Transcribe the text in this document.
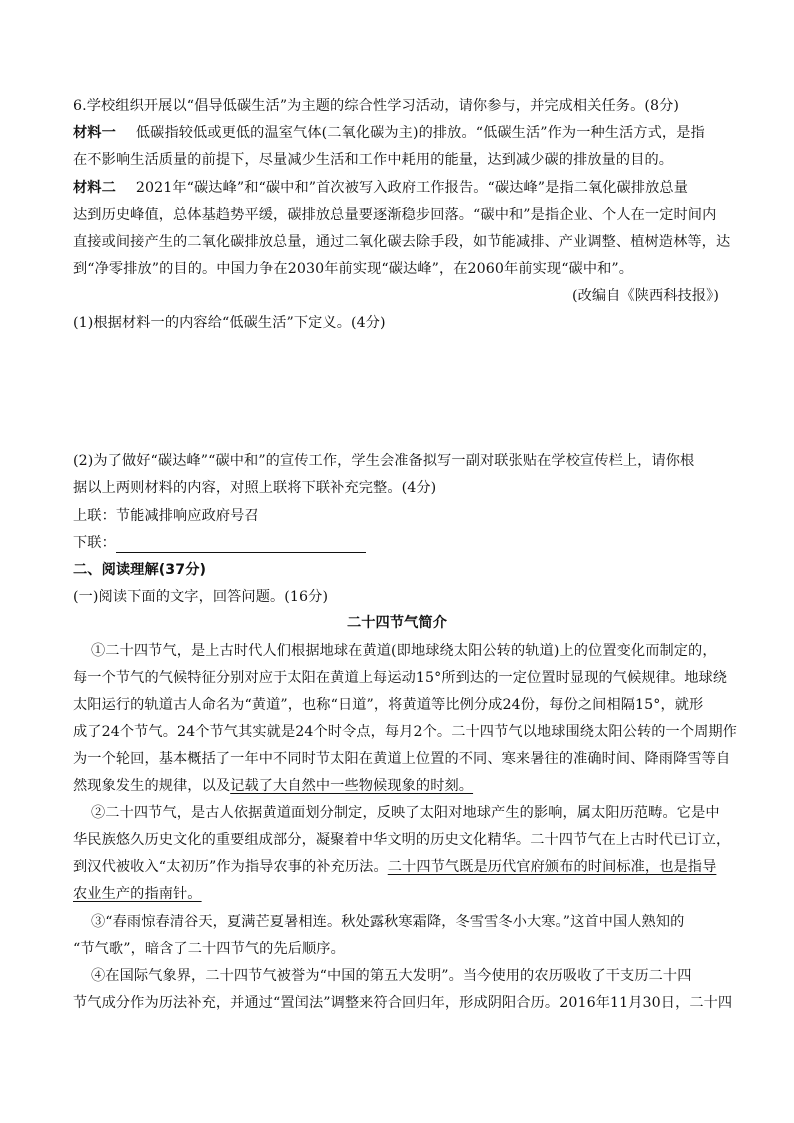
6.学校组织开展以“倡导低碳生活”为主题的综合性学习活动，请你参与，并完成相关任务。(8分)
材料一 低碳指较低或更低的温室气体(二氧化碳为主)的排放。“低碳生活”作为一种生活方式，是指
在不影响生活质量的前提下，尽量减少生活和工作中耗用的能量，达到减少碳的排放量的目的。
材料二 2021年“碳达峰”和“碳中和”首次被写入政府工作报告。“碳达峰”是指二氧化碳排放总量
达到历史峰值，总体基趋势平缓，碳排放总量要逐渐稳步回落。“碳中和”是指企业、个人在一定时间内
直接或间接产生的二氧化碳排放总量，通过二氧化碳去除手段，如节能减排、产业调整、植树造林等，达
到“净零排放”的目的。中国力争在2030年前实现“碳达峰”，在2060年前实现“碳中和”。
(改编自《陕西科技报》)
(1)根据材料一的内容给“低碳生活”下定义。(4分)
(2)为了做好“碳达峰”“碳中和”的宣传工作，学生会准备拟写一副对联张贴在学校宣传栏上，请你根
据以上两则材料的内容，对照上联将下联补充完整。(4分)
上联：节能减排响应政府号召
下联：
二、阅读理解(37分)
(一)阅读下面的文字，回答问题。(16分)
二十四节气简介
①二十四节气，是上古时代人们根据地球在黄道(即地球绕太阳公转的轨道)上的位置变化而制定的，
每一个节气的气候特征分别对应于太阳在黄道上每运动15°所到达的一定位置时显现的气候规律。地球绕
太阳运行的轨道古人命名为“黄道”，也称“日道”，将黄道等比例分成24份，每份之间相隔15°，就形
成了24个节气。24个节气其实就是24个时令点，每月2个。二十四节气以地球围绕太阳公转的一个周期作
为一个轮回，基本概括了一年中不同时节太阳在黄道上位置的不同、寒来暑往的准确时间、降雨降雪等自
然现象发生的规律，以及记载了大自然中一些物候现象的时刻。
②二十四节气，是古人依据黄道面划分制定，反映了太阳对地球产生的影响，属太阳历范畴。它是中
华民族悠久历史文化的重要组成部分，凝聚着中华文明的历史文化精华。二十四节气在上古时代已订立，
到汉代被收入“太初历”作为指导农事的补充历法。二十四节气既是历代官府颁布的时间标准，也是指导
农业生产的指南针。
③“春雨惊春清谷天，夏满芒夏暑相连。秋处露秋寒霜降，冬雪雪冬小大寒。”这首中国人熟知的
“节气歌”，暗含了二十四节气的先后顺序。
④在国际气象界，二十四节气被誉为“中国的第五大发明”。当今使用的农历吸收了干支历二十四
节气成分作为历法补充，并通过“置闰法”调整来符合回归年，形成阴阳合历。2016年11月30日，二十四
